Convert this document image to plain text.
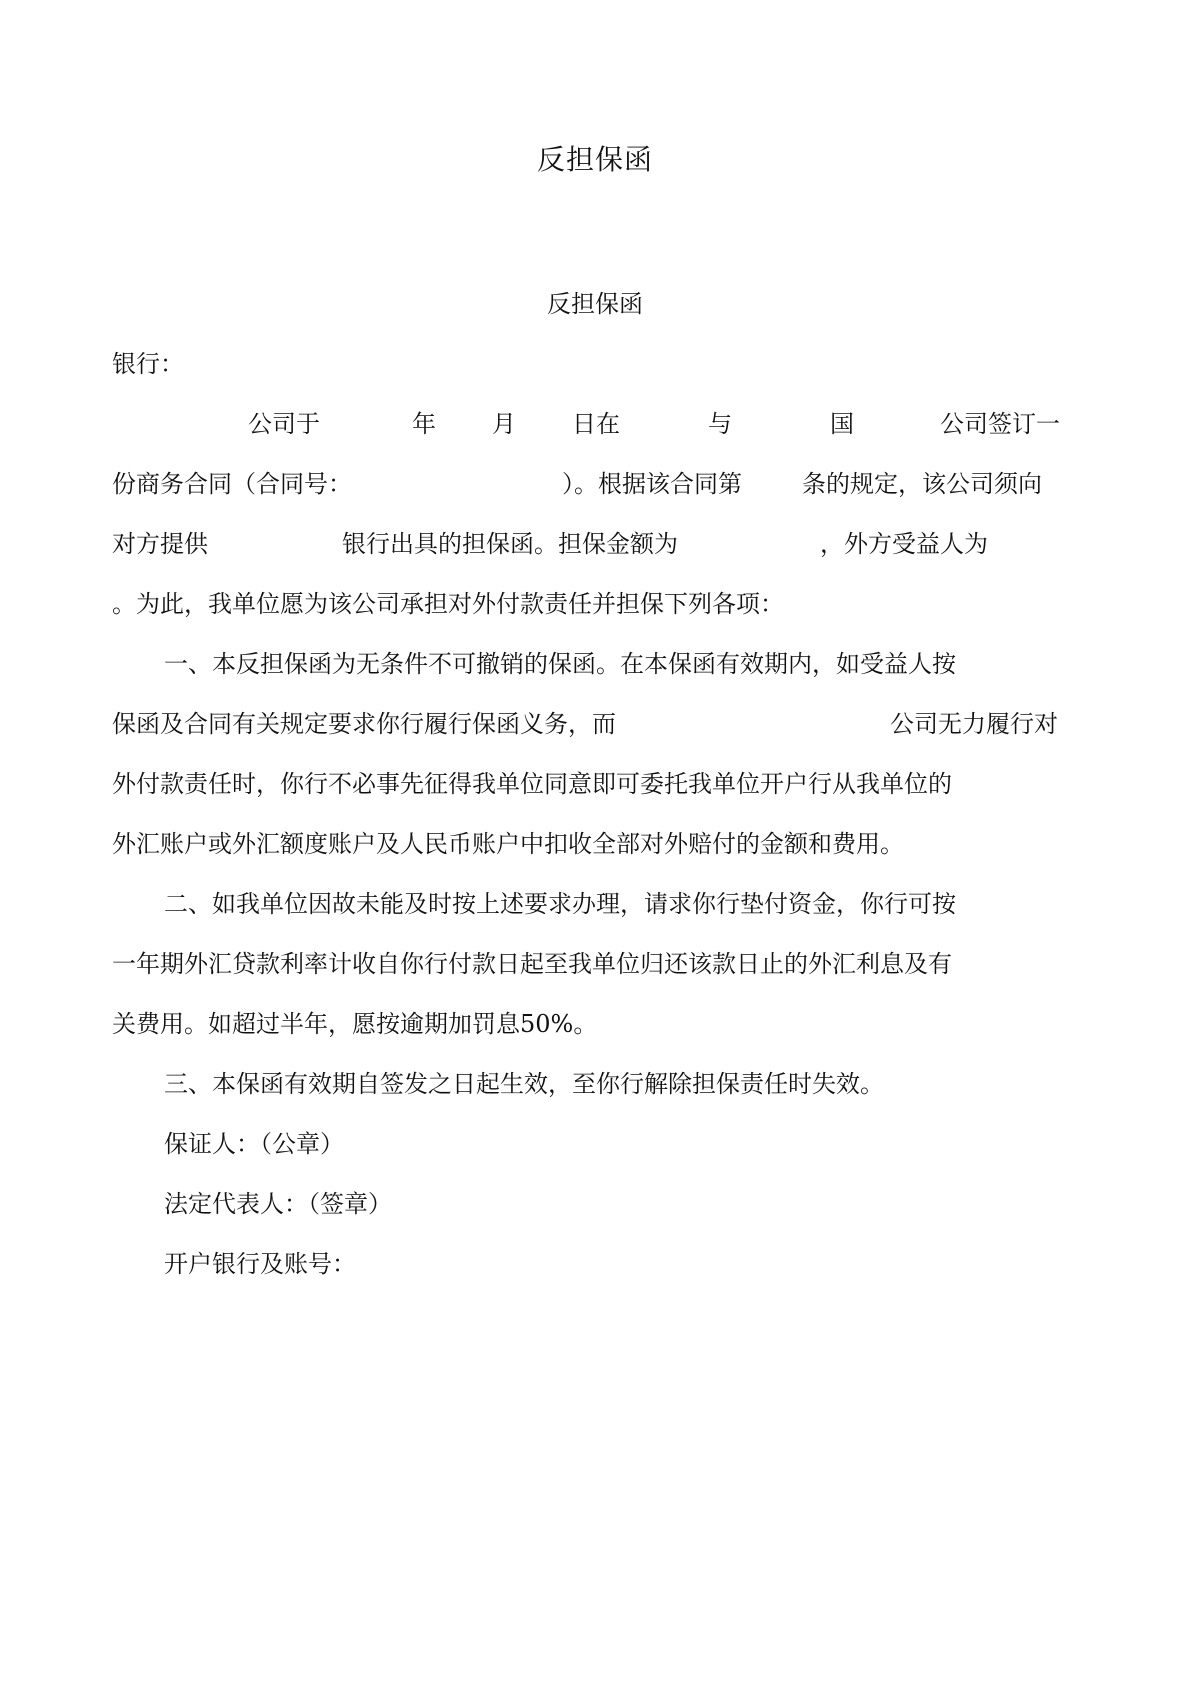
反担保函
反担保函
银行：
公司于	年 月 日在	与	国	公司签订一
份商务合同（合同号：	）。根据该合同第	条的规定，该公司须向
对方提供	银行出具的担保函。担保金额为	，外方受益人为
。为此，我单位愿为该公司承担对外付款责任并担保下列各项：
一、本反担保函为无条件不可撤销的保函。在本保函有效期内，如受益人按
保函及合同有关规定要求你行履行保函义务，而	公司无力履行对
外付款责任时，你行不必事先征得我单位同意即可委托我单位开户行从我单位的
外汇账户或外汇额度账户及人民币账户中扣收全部对外赔付的金额和费用。
二、如我单位因故未能及时按上述要求办理，请求你行垫付资金，你行可按
一年期外汇贷款利率计收自你行付款日起至我单位归还该款日止的外汇利息及有
关费用。如超过半年，愿按逾期加罚息50%。
三、本保函有效期自签发之日起生效，至你行解除担保责任时失效。
保证人：（公章）
法定代表人：（签章）
开户银行及账号：
